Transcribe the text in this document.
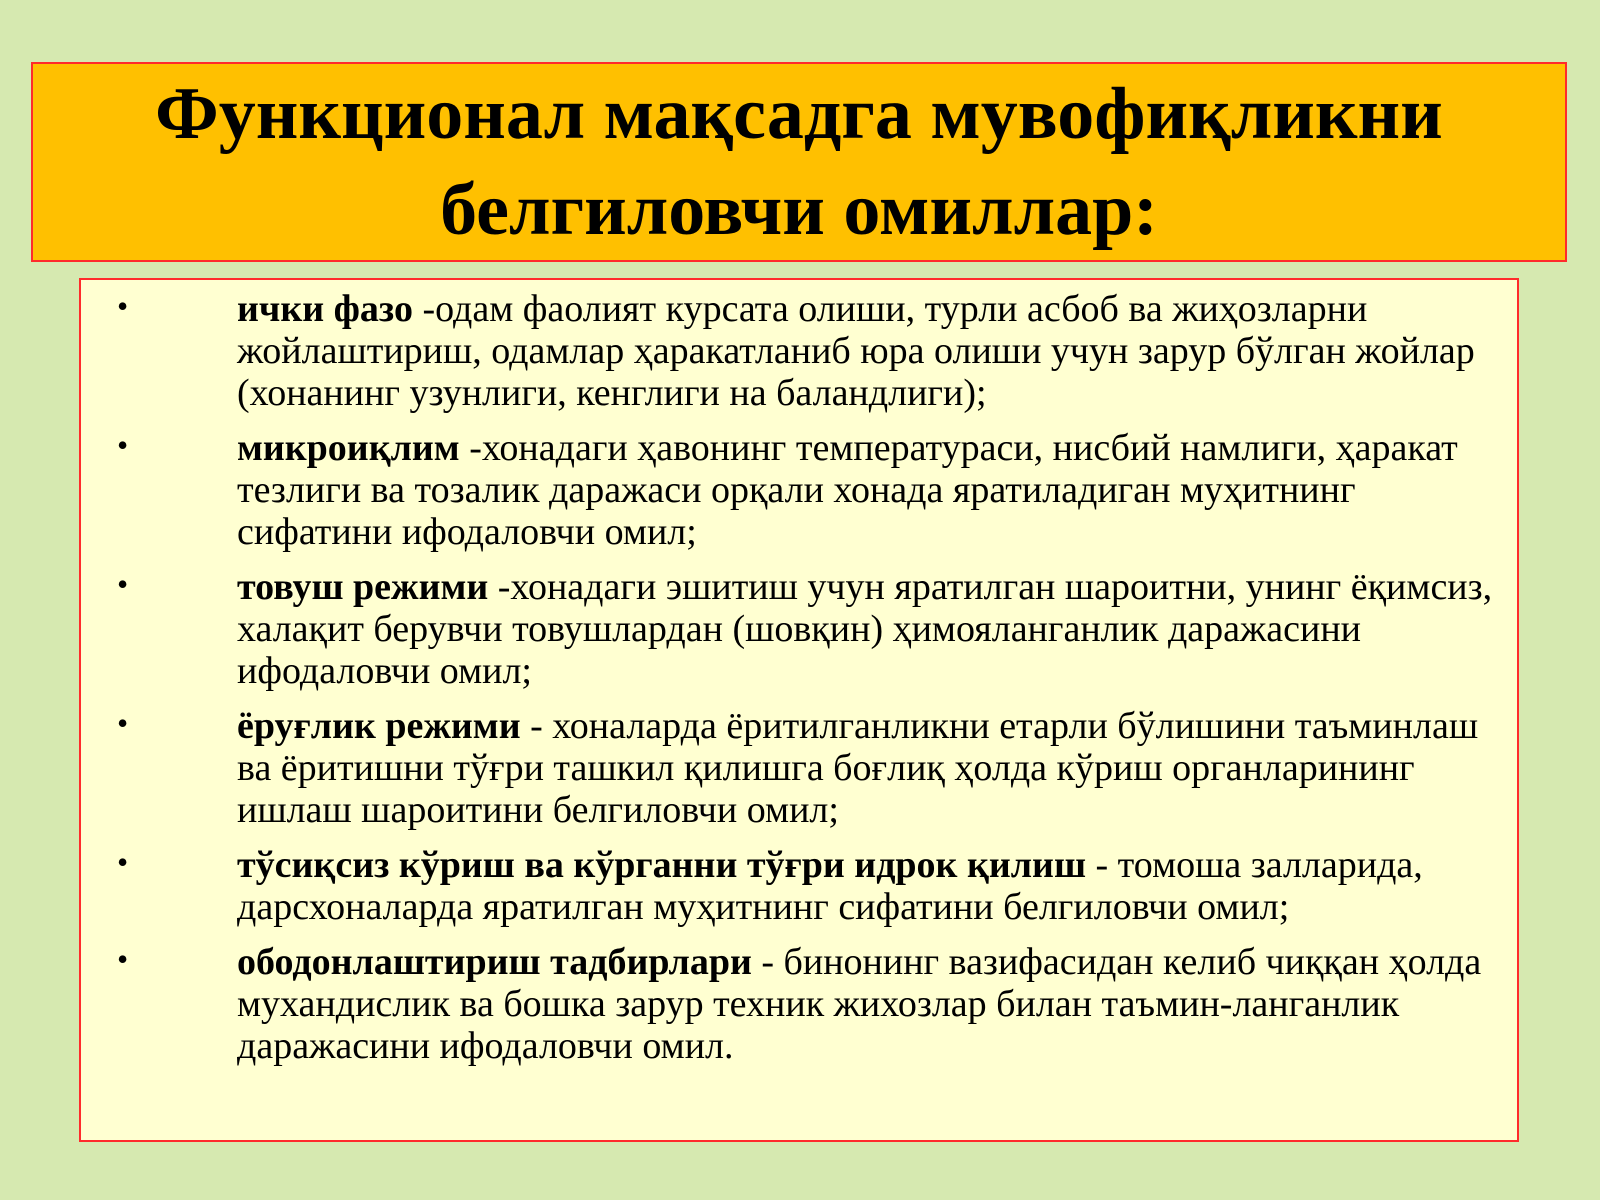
Функционал мақсадга мувофиқликни белгиловчи омиллар:
•	ички фазо -одам фаолият курсата олиши, турли асбоб ва жиҳозларни жойлаштириш, одамлар ҳаракатланиб юра олиши учун зарур бўлган жойлар (хонанинг узунлиги, кенглиги на баландлиги);
•	микроиқлим -хонадаги ҳавонинг температураси, нисбий намлиги, ҳаракат тезлиги ва тозалик даражаси орқали хонада яратиладиган муҳитнинг сифатини ифодаловчи омил;
•	товуш режими -хонадаги эшитиш учун яратилган шароитни, унинг ёқимсиз, халақит берувчи товушлардан (шовқин) ҳимояланганлик даражасини ифодаловчи омил;
•	ёруғлик режими - хоналарда ёритилганликни етарли бўлишини таъминлаш ва ёритишни тўғри ташкил қилишга боғлиқ ҳолда кўриш органларининг ишлаш шароитини белгиловчи омил;
•	тўсиқсиз кўриш ва кўрганни тўғри идрок қилиш - томоша залларида, дарсхоналарда яратилган муҳитнинг сифатини белгиловчи омил;
•	ободонлаштириш тадбирлари - бинонинг вазифасидан келиб чиққан ҳолда мухандислик ва бошка зарур техник жихозлар билан таъмин-ланганлик даражасини ифодаловчи омил.
